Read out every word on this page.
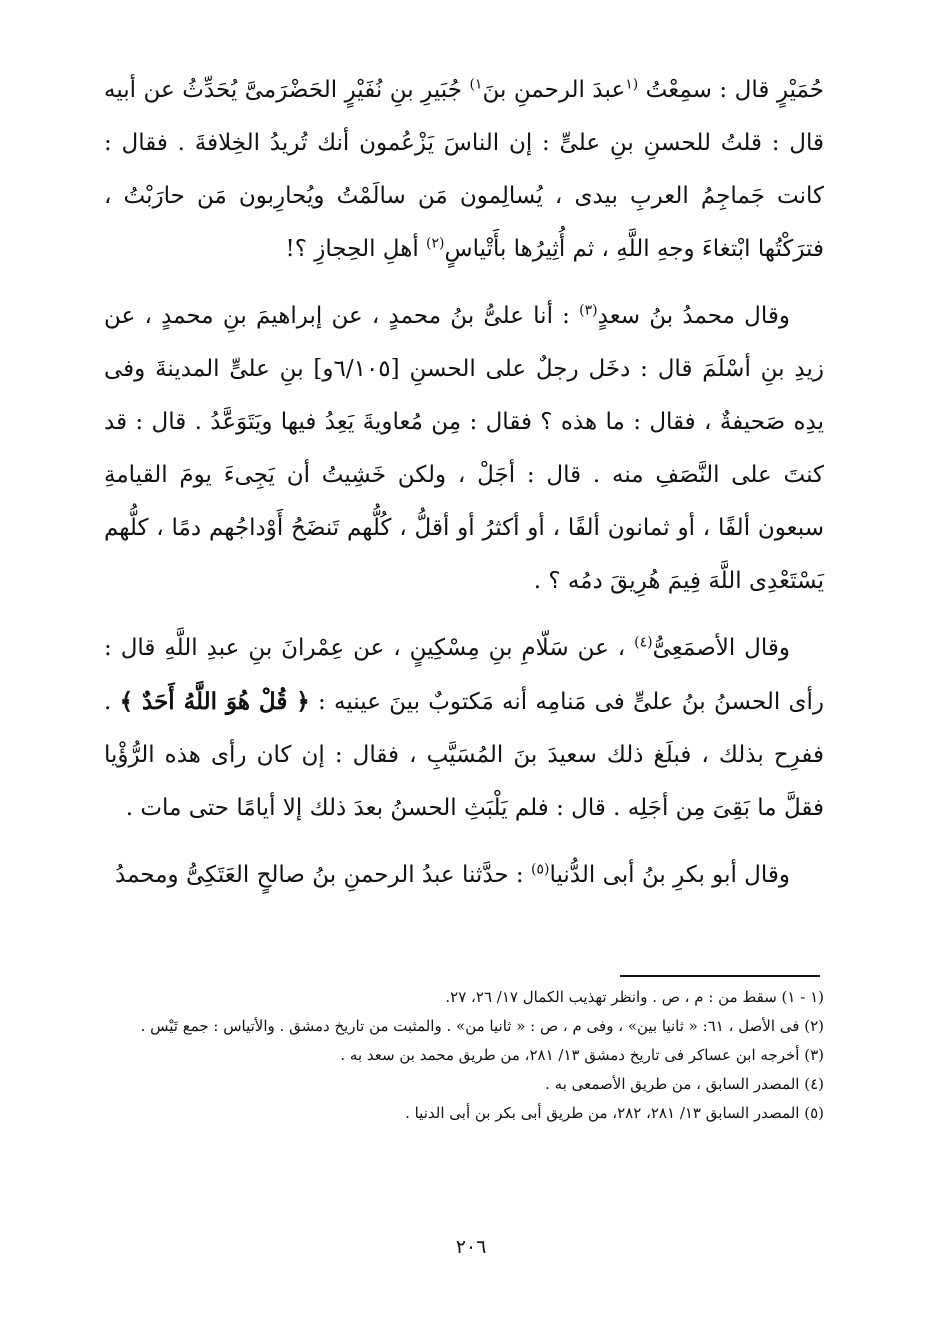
حُمَيْرٍ قال : سمِعْتُ $^{(١}$عبدَ الرحمنِ بنَ$^{١)}$ جُبَيرِ بنِ نُفَيْرٍ الحَضْرَمىَّ يُحَدِّثُ عن أبيه قال : قلتُ للحسنِ بنِ علىٍّ : إن الناسَ يَزْعُمون أنك تُريدُ الخِلافةَ . فقال : كانت جَماجِمُ العربِ بيدى ، يُسالِمون مَن سالَمْتُ ويُحارِبون مَن حارَبْتُ ، فترَكْتُها ابْتغاءَ وجهِ اللَّهِ ، ثم أُثِيرُها بأَتْياسٍ$^{(٢)}$ أهلِ الحِجازِ ؟!

وقال محمدُ بنُ سعدٍ$^{(٣)}$ : أنا علىُّ بنُ محمدٍ ، عن إبراهيمَ بنِ محمدٍ ، عن زيدِ بنِ أسْلَمَ قال : دخَل رجلٌ على الحسنِ [٦/١٠٥و] بنِ علىٍّ المدينةَ وفى يدِه صَحيفةٌ ، فقال : ما هذه ؟ فقال : مِن مُعاويةَ يَعِدُ فيها ويَتَوَعَّدُ . قال : قد كنتَ على النَّصَفِ منه . قال : أجَلْ ، ولكن خَشِيتُ أن يَجِىءَ يومَ القيامةِ سبعون ألفًا ، أو ثمانون ألفًا ، أو أكثرُ أو أقلُّ ، كُلُّهم تَنضَحُ أَوْداجُهم دمًا ، كلُّهم يَسْتَعْدِى اللَّهَ فِيمَ هُرِيقَ دمُه ؟ .

وقال الأصمَعِىُّ$^{(٤)}$ ، عن سَلّامِ بنِ مِسْكِينٍ ، عن عِمْرانَ بنِ عبدِ اللَّهِ قال : رأى الحسنُ بنُ علىٍّ فى مَنامِه أنه مَكتوبٌ بينَ عينيه : ﴿ قُلْ هُوَ اللَّهُ أَحَدٌ ﴾ . ففرِح بذلك ، فبلَغ ذلك سعيدَ بنَ المُسَيَّبِ ، فقال : إن كان رأى هذه الرُّؤْيا فقلَّ ما بَقِىَ مِن أجَلِه . قال : فلم يَلْبَثِ الحسنُ بعدَ ذلك إلا أيامًا حتى مات .

وقال أبو بكرِ بنُ أبى الدُّنيا$^{(٥)}$ : حدَّثنا عبدُ الرحمنِ بنُ صالحٍ العَتَكِىُّ ومحمدُ

(١ - ١) سقط من : م ، ص . وانظر تهذيب الكمال ١٧/ ٢٦، ٢٧.

(٢) فى الأصل ، ٦١: « ثانيا بين» ، وفى م ، ص : « ثانيا من» . والمثبت من تاريخ دمشق . والأتياس : جمع تَيْس .

(٣) أخرجه ابن عساكر فى تاريخ دمشق ١٣/ ٢٨١، من طريق محمد بن سعد به .

(٤) المصدر السابق ، من طريق الأصمعى به .

(٥) المصدر السابق ١٣/ ٢٨١، ٢٨٢، من طريق أبى بكر بن أبى الدنيا .

٢٠٦
